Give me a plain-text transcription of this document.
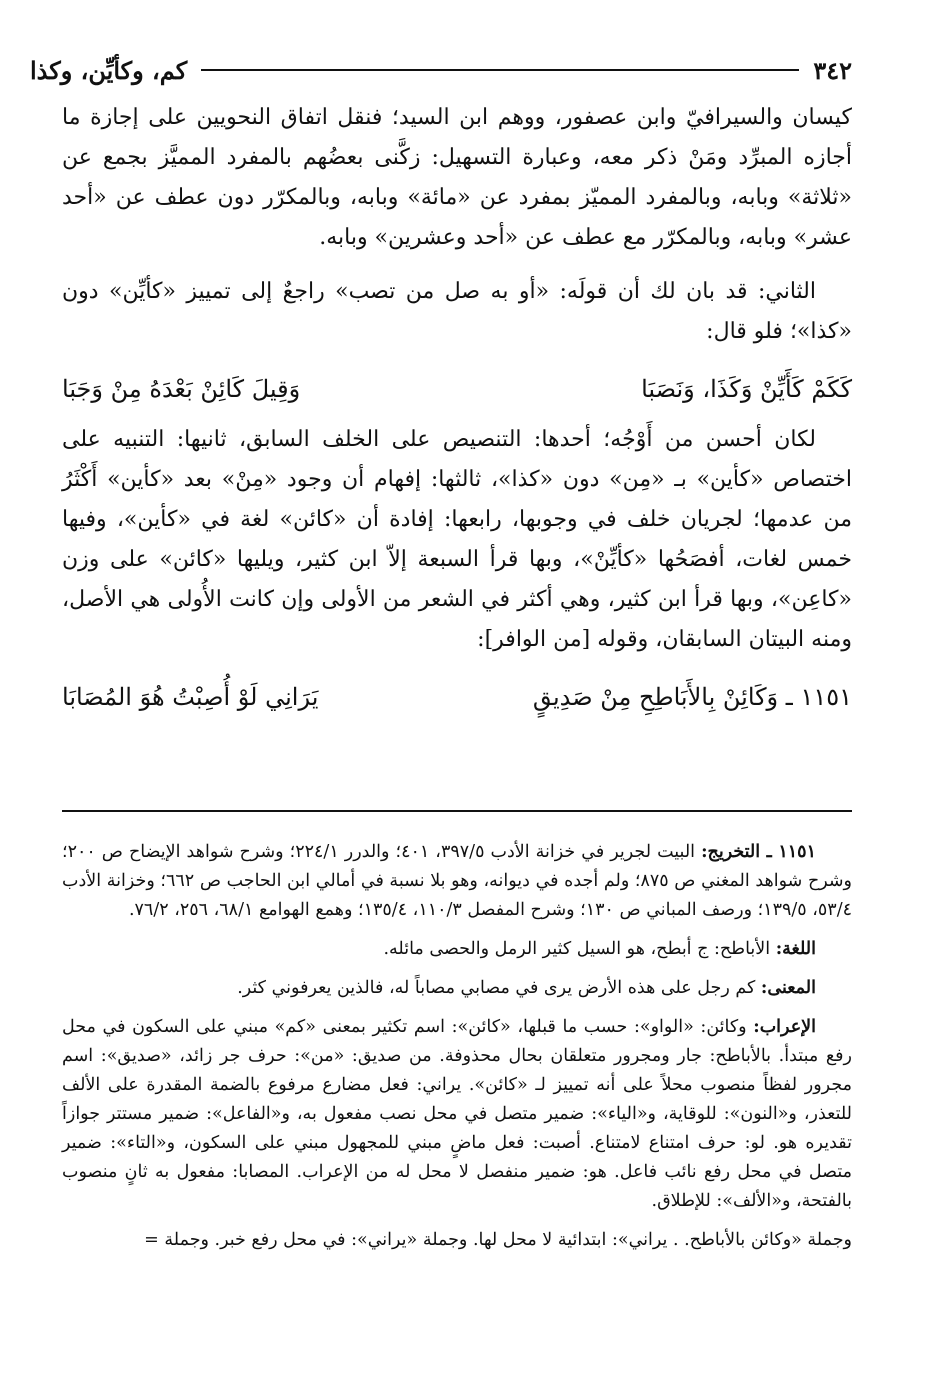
٣٤٢
كم، وكأيِّن، وكذا

كيسان والسيرافيّ وابن عصفور، ووهم ابن السيد؛ فنقل اتفاق النحويين على إجازة ما أجازه المبرِّد ومَنْ ذكر معه، وعبارة التسهيل: زكَّنى بعضُهم بالمفرد المميَّز بجمع عن «ثلاثة» وبابه، وبالمفرد المميّز بمفرد عن «مائة» وبابه، وبالمكرّر دون عطف عن «أحد عشر» وبابه، وبالمكرّر مع عطف عن «أحد وعشرين» وبابه.

الثاني: قد بان لك أن قولَه: «أو به صل من تصب» راجعٌ إلى تمييز «كأيِّن» دون «كذا»؛ فلو قال:

كَكَمْ كَأَيِّنْ وَكَذَا، وَنَصَبَا
وَقِيلَ كَائِنْ بَعْدَهُ مِنْ وَجَبَا

لكان أحسن من أَوْجُه؛ أحدها: التنصيص على الخلف السابق، ثانيها: التنبيه على اختصاص «كأين» بـ «مِن» دون «كذا»، ثالثها: إفهام أن وجود «مِنْ» بعد «كأين» أَكْثَرُ من عدمها؛ لجريان خلف في وجوبها، رابعها: إفادة أن «كائن» لغة في «كأين»، وفيها خمس لغات، أفصَحُها «كأيِّنْ»، وبها قرأ السبعة إلاّ ابن كثير، ويليها «كائن» على وزن «كاعِن»، وبها قرأ ابن كثير، وهي أكثر في الشعر من الأولى وإن كانت الأُولى هي الأصل، ومنه البيتان السابقان، وقوله [من الوافر]:

١١٥١ ـ وَكَائِنْ بِالأَبَاطِحِ مِنْ صَدِيقٍ
يَرَانِي لَوْ أُصِبْتُ هُوَ المُصَابَا

١١٥١ ـ التخريج: البيت لجرير في خزانة الأدب ٣٩٧/٥، ٤٠١؛ والدرر ٢٢٤/١؛ وشرح شواهد الإيضاح ص ٢٠٠؛ وشرح شواهد المغني ص ٨٧٥؛ ولم أجده في ديوانه، وهو بلا نسبة في أمالي ابن الحاجب ص ٦٦٢؛ وخزانة الأدب ٥٣/٤، ١٣٩/٥؛ ورصف المباني ص ١٣٠؛ وشرح المفصل ١١٠/٣، ١٣٥/٤؛ وهمع الهوامع ٦٨/١، ٢٥٦، ٧٦/٢.

اللغة: الأباطح: ج أبطح، هو السيل كثير الرمل والحصى مائله.

المعنى: كم رجل على هذه الأرض يرى في مصابي مصاباً له، فالذين يعرفوني كثر.

الإعراب: وكائن: «الواو»: حسب ما قبلها، «كائن»: اسم تكثير بمعنى «كم» مبني على السكون في محل رفع مبتدأ. بالأباطح: جار ومجرور متعلقان بحال محذوفة. من صديق: «من»: حرف جر زائد، «صديق»: اسم مجرور لفظاً منصوب محلاً على أنه تمييز لـ «كائن». يراني: فعل مضارع مرفوع بالضمة المقدرة على الألف للتعذر، و«النون»: للوقاية، و«الياء»: ضمير متصل في محل نصب مفعول به، و«الفاعل»: ضمير مستتر جوازاً تقديره هو. لو: حرف امتناع لامتناع. أصبت: فعل ماضٍ مبني للمجهول مبني على السكون، و«التاء»: ضمير متصل في محل رفع نائب فاعل. هو: ضمير منفصل لا محل له من الإعراب. المصابا: مفعول به ثانٍ منصوب بالفتحة، و«الألف»: للإطلاق.

وجملة «وكائن بالأباطح. . يراني»: ابتدائية لا محل لها. وجملة «يراني»: في محل رفع خبر. وجملة =
